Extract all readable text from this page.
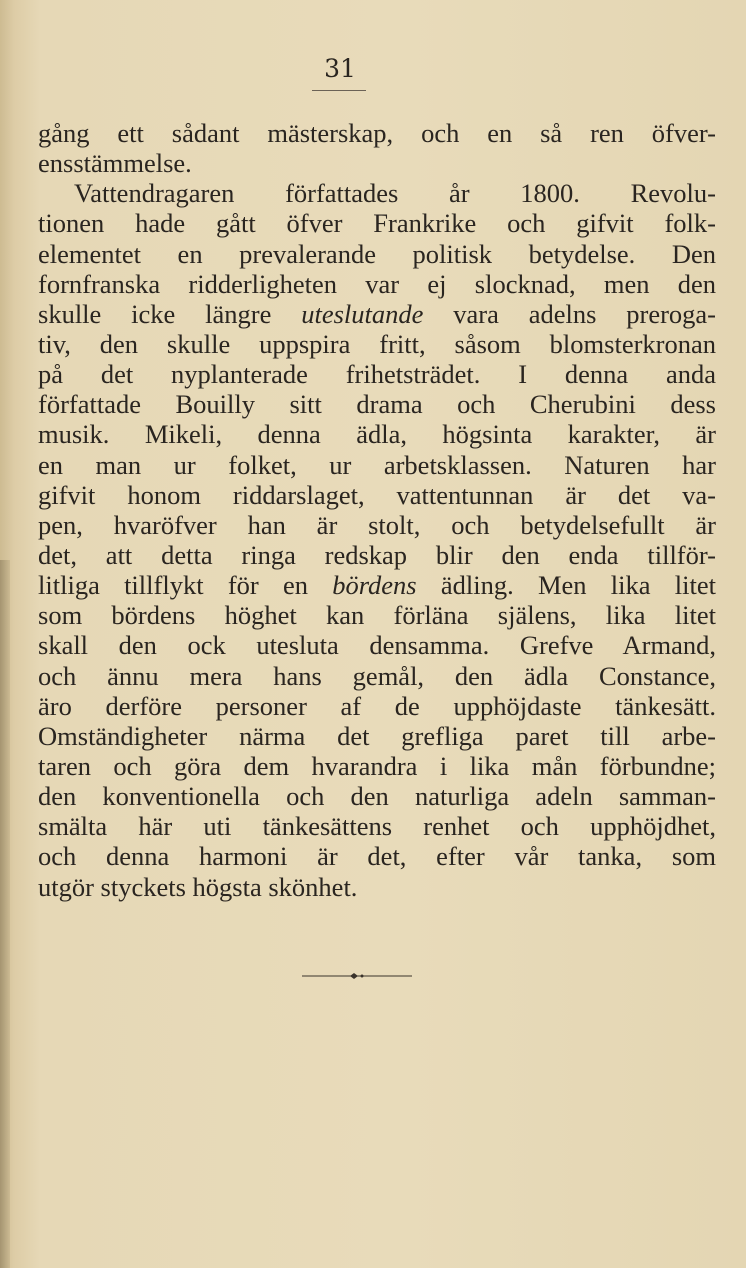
31
gång ett sådant mästerskap, och en så ren öfver-
ensstämmelse.
Vattendragaren författades år 1800. Revolu-
tionen hade gått öfver Frankrike och gifvit folk-
elementet en prevalerande politisk betydelse. Den
fornfranska ridderligheten var ej slocknad, men den
skulle icke längre uteslutande vara adelns preroga-
tiv, den skulle uppspira fritt, såsom blomsterkronan
på det nyplanterade frihetsträdet. I denna anda
författade Bouilly sitt drama och Cherubini dess
musik. Mikeli, denna ädla, högsinta karakter, är
en man ur folket, ur arbetsklassen. Naturen har
gifvit honom riddarslaget, vattentunnan är det va-
pen, hvaröfver han är stolt, och betydelsefullt är
det, att detta ringa redskap blir den enda tillför-
litliga tillflykt för en bördens ädling. Men lika litet
som bördens höghet kan förläna själens, lika litet
skall den ock utesluta densamma. Grefve Armand,
och ännu mera hans gemål, den ädla Constance,
äro derföre personer af de upphöjdaste tänkesätt.
Omständigheter närma det grefliga paret till arbe-
taren och göra dem hvarandra i lika mån förbundne;
den konventionella och den naturliga adeln samman-
smälta här uti tänkesättens renhet och upphöjdhet,
och denna harmoni är det, efter vår tanka, som
utgör styckets högsta skönhet.
